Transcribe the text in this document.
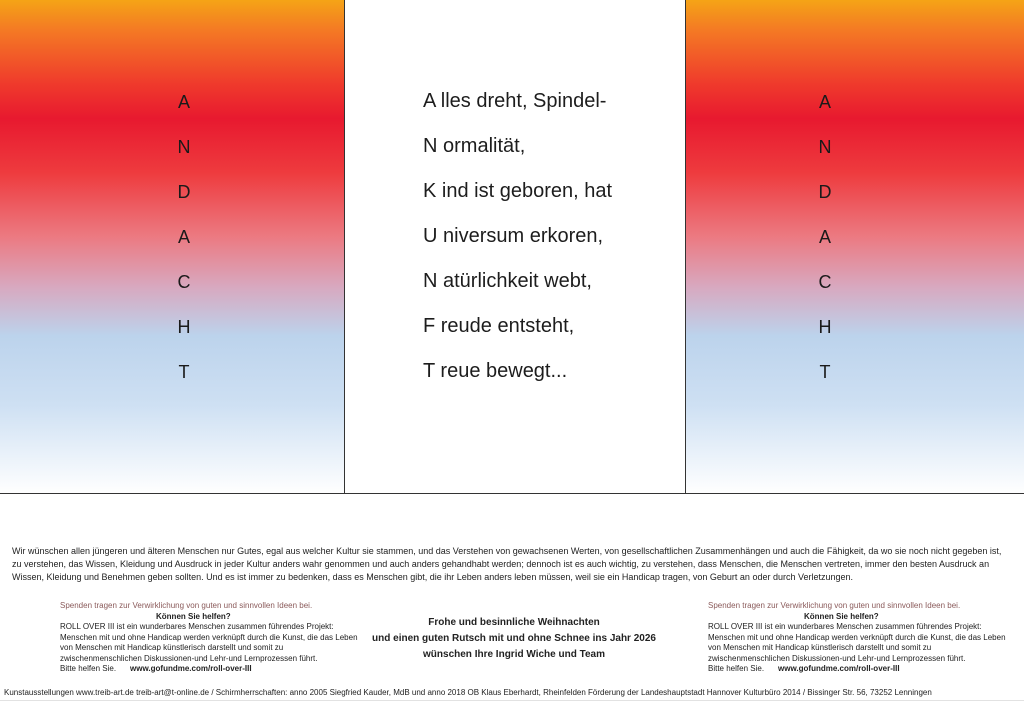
A
N
D
A
C
H
T
A lles dreht, Spindel-
N ormalität,
K ind ist geboren, hat
U niversum erkoren,
N atürlichkeit webt,
F reude entsteht,
T reue bewegt...
A
N
D
A
C
H
T

Wir wünschen allen jüngeren und älteren Menschen nur Gutes, egal aus welcher Kultur sie stammen, und das Verstehen von gewachsenen Werten, von gesellschaftlichen Zusammenhängen und auch die Fähigkeit, da wo sie noch nicht gegeben ist, zu verstehen, das Wissen, Kleidung und Ausdruck in jeder Kultur anders wahr genommen und auch anders gehandhabt werden; dennoch ist es auch wichtig, zu verstehen, dass Menschen, die Menschen vertreten, immer den besten Ausdruck an Wissen, Kleidung und Benehmen geben sollten. Und es ist immer zu bedenken, dass es Menschen gibt, die ihr Leben anders leben müssen, weil sie ein Handicap tragen, von Geburt an oder durch Verletzungen.

Spenden tragen zur Verwirklichung von guten und sinnvollen Ideen bei.
Können Sie helfen?
ROLL OVER III ist ein wunderbares Menschen zusammen führendes Projekt: Menschen mit und ohne Handicap werden verknüpft durch die Kunst, die das Leben von Menschen mit Handicap künstlerisch darstellt und somit zu zwischenmenschlichen Diskussionen-und Lehr-und Lernprozessen führt.
Bitte helfen Sie. www.gofundme.com/roll-over-III
Frohe und besinnliche Weihnachten
und einen guten Rutsch mit und ohne Schnee ins Jahr 2026
wünschen Ihre Ingrid Wiche und Team
Spenden tragen zur Verwirklichung von guten und sinnvollen Ideen bei.
Können Sie helfen?
ROLL OVER III ist ein wunderbares Menschen zusammen führendes Projekt: Menschen mit und ohne Handicap werden verknüpft durch die Kunst, die das Leben von Menschen mit Handicap künstlerisch darstellt und somit zu zwischenmenschlichen Diskussionen-und Lehr-und Lernprozessen führt.
Bitte helfen Sie. www.gofundme.com/roll-over-III
Kunstausstellungen www.treib-art.de treib-art@t-online.de / Schirmherrschaften: anno 2005 Siegfried Kauder, MdB und anno 2018 OB Klaus Eberhardt, Rheinfelden Förderung der Landeshauptstadt Hannover Kulturbüro 2014 / Bissinger Str. 56, 73252 Lenningen
